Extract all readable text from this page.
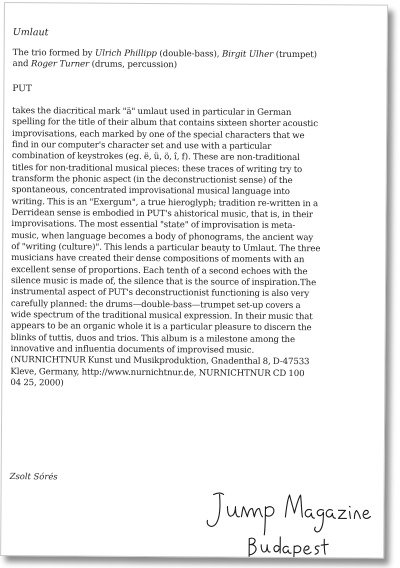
Umlaut

The trio formed by Ulrich Phillipp (double-bass), Birgit Ulher (trumpet)
and Roger Turner (drums, percussion)

PUT

takes the diacritical mark "ä" umlaut used in particular in German
spelling for the title of their album that contains sixteen shorter acoustic
improvisations, each marked by one of the special characters that we
find in our computer's character set and use with a particular
combination of keystrokes (eg. ë, ü, ö, î, f). These are non-traditional
titles for non-traditional musical pieces: these traces of writing try to
transform the phonic aspect (in the deconstructionist sense) of the
spontaneous, concentrated improvisational musical language into
writing. This is an "Exergum", a true hieroglyph; tradition re-written in a
Derridean sense is embodied in PUT's ahistorical music, that is, in their
improvisations. The most essential "state" of improvisation is meta-
music, when language becomes a body of phonograms, the ancient way
of "writing (culture)". This lends a particular beauty to Umlaut. The three
musicians have created their dense compositions of moments with an
excellent sense of proportions. Each tenth of a second echoes with the
silence music is made of, the silence that is the source of inspiration.The
instrumental aspect of PUT's deconstructionist functioning is also very
carefully planned: the drums—double-bass—trumpet set-up covers a
wide spectrum of the traditional musical expression. In their music that
appears to be an organic whole it is a particular pleasure to discern the
blinks of tuttis, duos and trios. This album is a milestone among the
innovative and influentia documents of improvised music.
(NURNICHTNUR Kunst und Musikproduktion, Gnadenthal 8, D-47533
Kleve, Germany, http://www.nurnichtnur.de, NURNICHTNUR CD 100
04 25, 2000)
Zsolt Sórés
